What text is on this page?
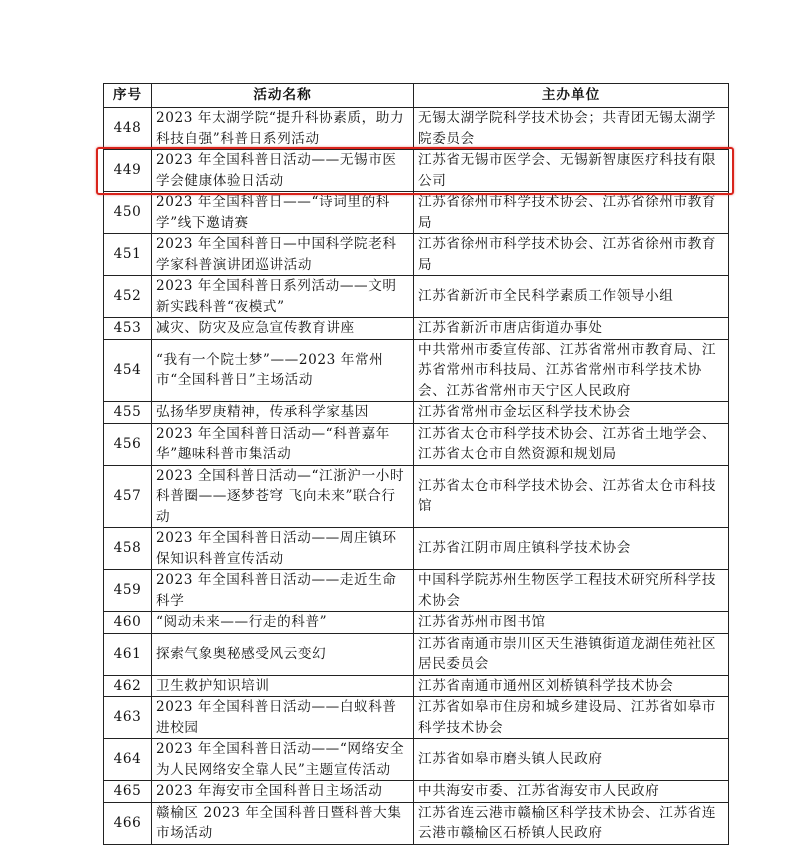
序号	活动名称	主办单位
448	2023 年太湖学院“提升科协素质，助力科技自强”科普日系列活动	无锡太湖学院科学技术协会；共青团无锡太湖学院委员会
449	2023 年全国科普日活动——无锡市医学会健康体验日活动	江苏省无锡市医学会、无锡新智康医疗科技有限公司
450	2023 年全国科普日——“诗词里的科学”线下邀请赛	江苏省徐州市科学技术协会、江苏省徐州市教育局
451	2023 年全国科普日—中国科学院老科学家科普演讲团巡讲活动	江苏省徐州市科学技术协会、江苏省徐州市教育局
452	2023 年全国科普日系列活动——文明新实践科普“夜模式”	江苏省新沂市全民科学素质工作领导小组
453	减灾、防灾及应急宣传教育讲座	江苏省新沂市唐店街道办事处
454	“我有一个院士梦”——2023 年常州市“全国科普日”主场活动	中共常州市委宣传部、江苏省常州市教育局、江苏省常州市科技局、江苏省常州市科学技术协会、江苏省常州市天宁区人民政府
455	弘扬华罗庚精神，传承科学家基因	江苏省常州市金坛区科学技术协会
456	2023 年全国科普日活动—“科普嘉年华”趣味科普市集活动	江苏省太仓市科学技术协会、江苏省土地学会、江苏省太仓市自然资源和规划局
457	2023 全国科普日活动—“江浙沪一小时科普圈——逐梦苍穹 飞向未来”联合行动	江苏省太仓市科学技术协会、江苏省太仓市科技馆
458	2023 年全国科普日活动——周庄镇环保知识科普宣传活动	江苏省江阴市周庄镇科学技术协会
459	2023 年全国科普日活动——走近生命科学	中国科学院苏州生物医学工程技术研究所科学技术协会
460	“阅动未来——行走的科普”	江苏省苏州市图书馆
461	探索气象奥秘感受风云变幻	江苏省南通市崇川区天生港镇街道龙湖佳苑社区居民委员会
462	卫生救护知识培训	江苏省南通市通州区刘桥镇科学技术协会
463	2023 年全国科普日活动——白蚁科普进校园	江苏省如皋市住房和城乡建设局、江苏省如皋市科学技术协会
464	2023 年全国科普日活动——“网络安全为人民网络安全靠人民”主题宣传活动	江苏省如皋市磨头镇人民政府
465	2023 年海安市全国科普日主场活动	中共海安市委、江苏省海安市人民政府
466	赣榆区 2023 年全国科普日暨科普大集市场活动	江苏省连云港市赣榆区科学技术协会、江苏省连云港市赣榆区石桥镇人民政府
